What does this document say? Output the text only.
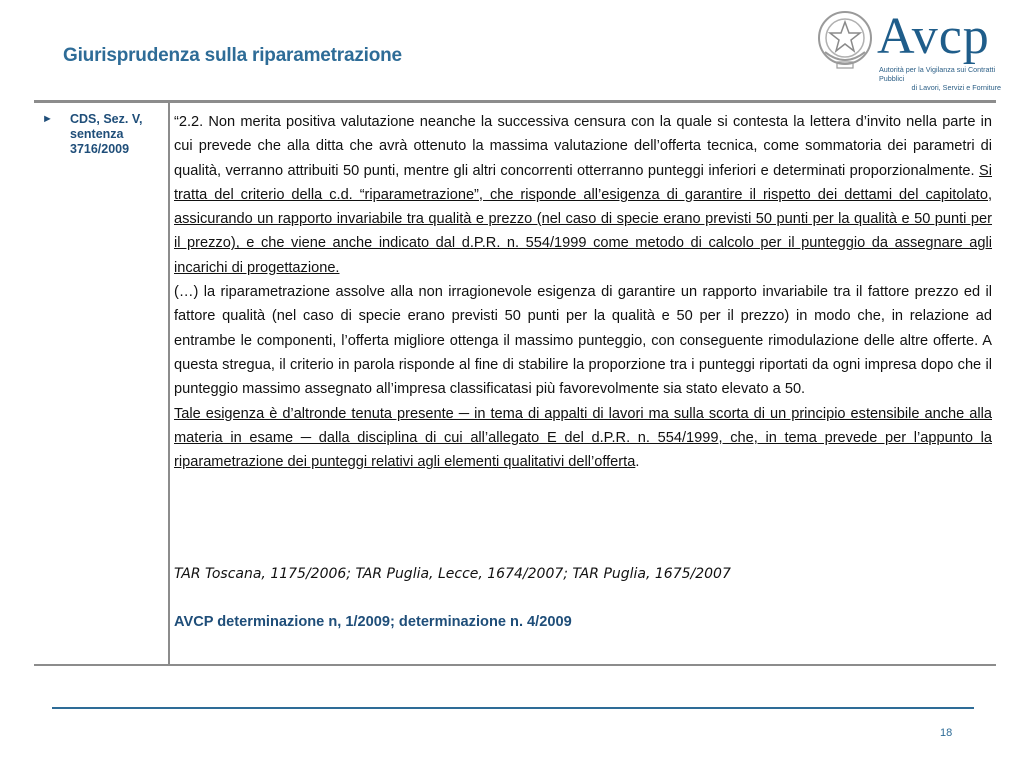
Giurisprudenza sulla riparametrazione	Avcp
Autorità per la Vigilanza sui Contratti Pubblici
di Lavori, Servizi e Forniture
► CDS, Sez. V,
sentenza
3716/2009

“2.2. Non merita positiva valutazione neanche la successiva censura con la quale si contesta la lettera d’invito nella parte in cui prevede che alla ditta che avrà ottenuto la massima valutazione dell’offerta tecnica, come sommatoria dei parametri di qualità, verranno attribuiti 50 punti, mentre gli altri concorrenti otterranno punteggi inferiori e determinati proporzionalmente. Si tratta del criterio della c.d. “riparametrazione”, che risponde all’esigenza di garantire il rispetto dei dettami del capitolato, assicurando un rapporto invariabile tra qualità e prezzo (nel caso di specie erano previsti 50 punti per la qualità e 50 punti per il prezzo), e che viene anche indicato dal d.P.R. n. 554/1999 come metodo di calcolo per il punteggio da assegnare agli incarichi di progettazione.

(…) la riparametrazione assolve alla non irragionevole esigenza di garantire un rapporto invariabile tra il fattore prezzo ed il fattore qualità (nel caso di specie erano previsti 50 punti per la qualità e 50 per il prezzo) in modo che, in relazione ad entrambe le componenti, l’offerta migliore ottenga il massimo punteggio, con conseguente rimodulazione delle altre offerte. A questa stregua, il criterio in parola risponde al fine di stabilire la proporzione tra i punteggi riportati da ogni impresa dopo che il punteggio massimo assegnato all’impresa classificatasi più favorevolmente sia stato elevato a 50.

Tale esigenza è d’altronde tenuta presente ─ in tema di appalti di lavori ma sulla scorta di un principio estensibile anche alla materia in esame ─ dalla disciplina di cui all’allegato E del d.P.R. n. 554/1999, che, in tema prevede per l’appunto la riparametrazione dei punteggi relativi agli elementi qualitativi dell’offerta.

TAR Toscana, 1175/2006; TAR Puglia, Lecce, 1674/2007; TAR Puglia, 1675/2007
AVCP determinazione n, 1/2009; determinazione n. 4/2009
18
